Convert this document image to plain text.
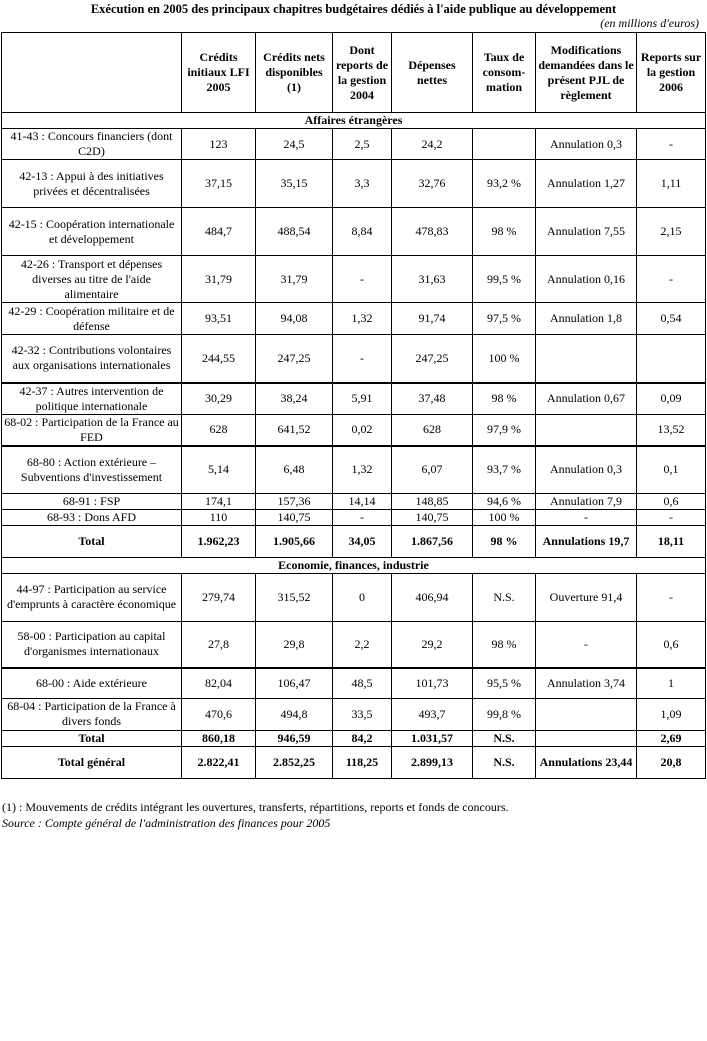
Exécution en 2005 des principaux chapitres budgétaires dédiés à l'aide publique au développement
(en millions d'euros)
	Crédits initiaux LFI 2005	Crédits nets disponibles (1)	Dont reports de la gestion 2004	Dépenses nettes	Taux de consom-mation	Modifications demandées dans le présent PJL de règlement	Reports sur la gestion 2006
Affaires étrangères							
41-43 : Concours financiers (dont C2D)	123	24,5	2,5	24,2		Annulation 0,3	-
42-13 : Appui à des initiatives privées et décentralisées	37,15	35,15	3,3	32,76	93,2 %	Annulation 1,27	1,11
42-15 : Coopération internationale et développement	484,7	488,54	8,84	478,83	98 %	Annulation 7,55	2,15
42-26 : Transport et dépenses diverses au titre de l'aide alimentaire	31,79	31,79	-	31,63	99,5 %	Annulation 0,16	-
42-29 : Coopération militaire et de défense	93,51	94,08	1,32	91,74	97,5 %	Annulation 1,8	0,54
42-32 : Contributions volontaires aux organisations internationales	244,55	247,25	-	247,25	100 %		
42-37 : Autres intervention de politique internationale	30,29	38,24	5,91	37,48	98 %	Annulation 0,67	0,09
68-02 : Participation de la France au FED	628	641,52	0,02	628	97,9 %		13,52
68-80 : Action extérieure – Subventions d'investissement	5,14	6,48	1,32	6,07	93,7 %	Annulation 0,3	0,1
68-91 : FSP	174,1	157,36	14,14	148,85	94,6 %	Annulation 7,9	0,6
68-93 : Dons AFD	110	140,75	-	140,75	100 %	-	-
Total	1.962,23	1.905,66	34,05	1.867,56	98 %	Annulations 19,7	18,11
Economie, finances, industrie							
44-97 : Participation au service d'emprunts à caractère économique	279,74	315,52	0	406,94	N.S.	Ouverture 91,4	-
58-00 : Participation au capital d'organismes internationaux	27,8	29,8	2,2	29,2	98 %	-	0,6
68-00 : Aide extérieure	82,04	106,47	48,5	101,73	95,5 %	Annulation 3,74	1
68-04 : Participation de la France à divers fonds	470,6	494,8	33,5	493,7	99,8 %		1,09
Total	860,18	946,59	84,2	1.031,57	N.S.		2,69
Total général	2.822,41	2.852,25	118,25	2.899,13	N.S.	Annulations 23,44	20,8
(1) : Mouvements de crédits intégrant les ouvertures, transferts, répartitions, reports et fonds de concours.
Source : Compte général de l'administration des finances pour 2005
